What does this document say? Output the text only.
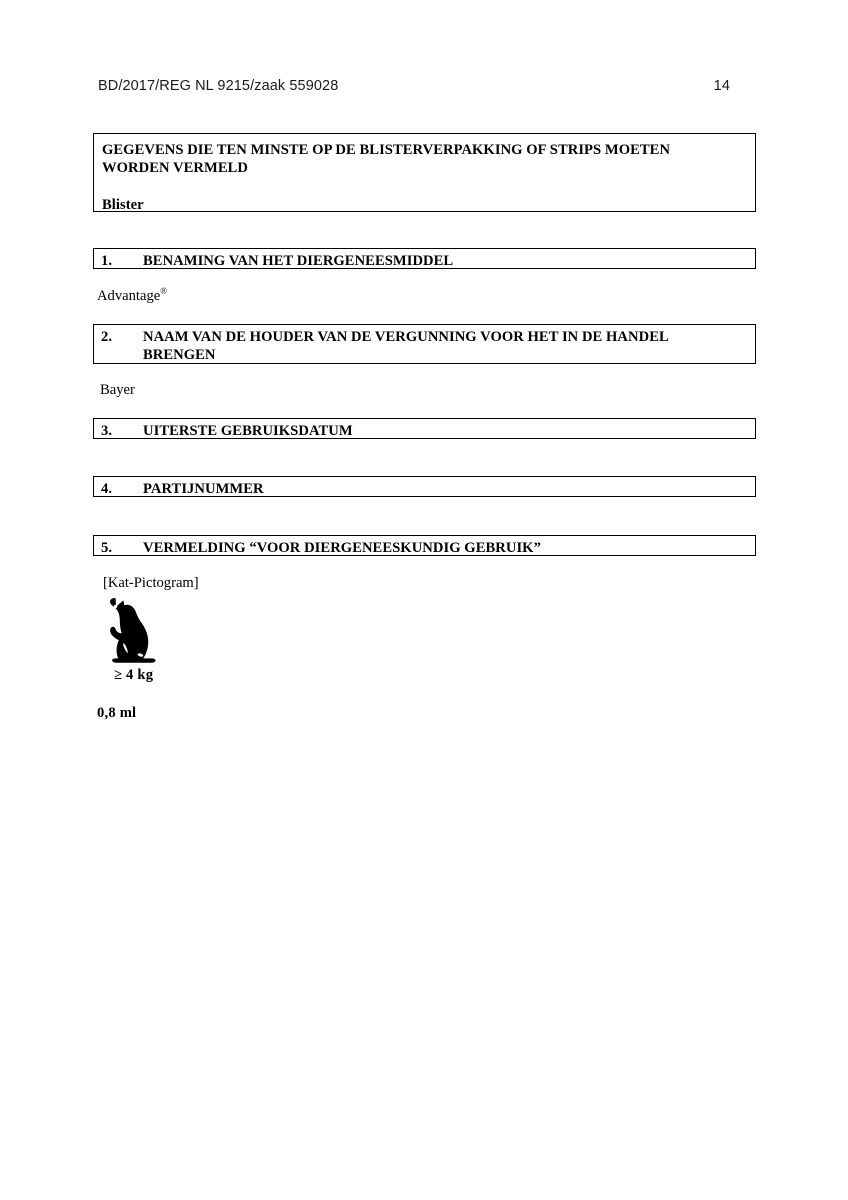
BD/2017/REG NL 9215/zaak 559028	14
GEGEVENS DIE TEN MINSTE OP DE BLISTERVERPAKKING OF STRIPS MOETEN
WORDEN VERMELD
Blister
1.	BENAMING VAN HET DIERGENEESMIDDEL
Advantage®
2.	NAAM VAN DE HOUDER VAN DE VERGUNNING VOOR HET IN DE HANDEL
BRENGEN
Bayer
3.	UITERSTE GEBRUIKSDATUM
4.	PARTIJNUMMER
5.	VERMELDING “VOOR DIERGENEESKUNDIG GEBRUIK”
[Kat-Pictogram]
≥ 4 kg
0,8 ml
